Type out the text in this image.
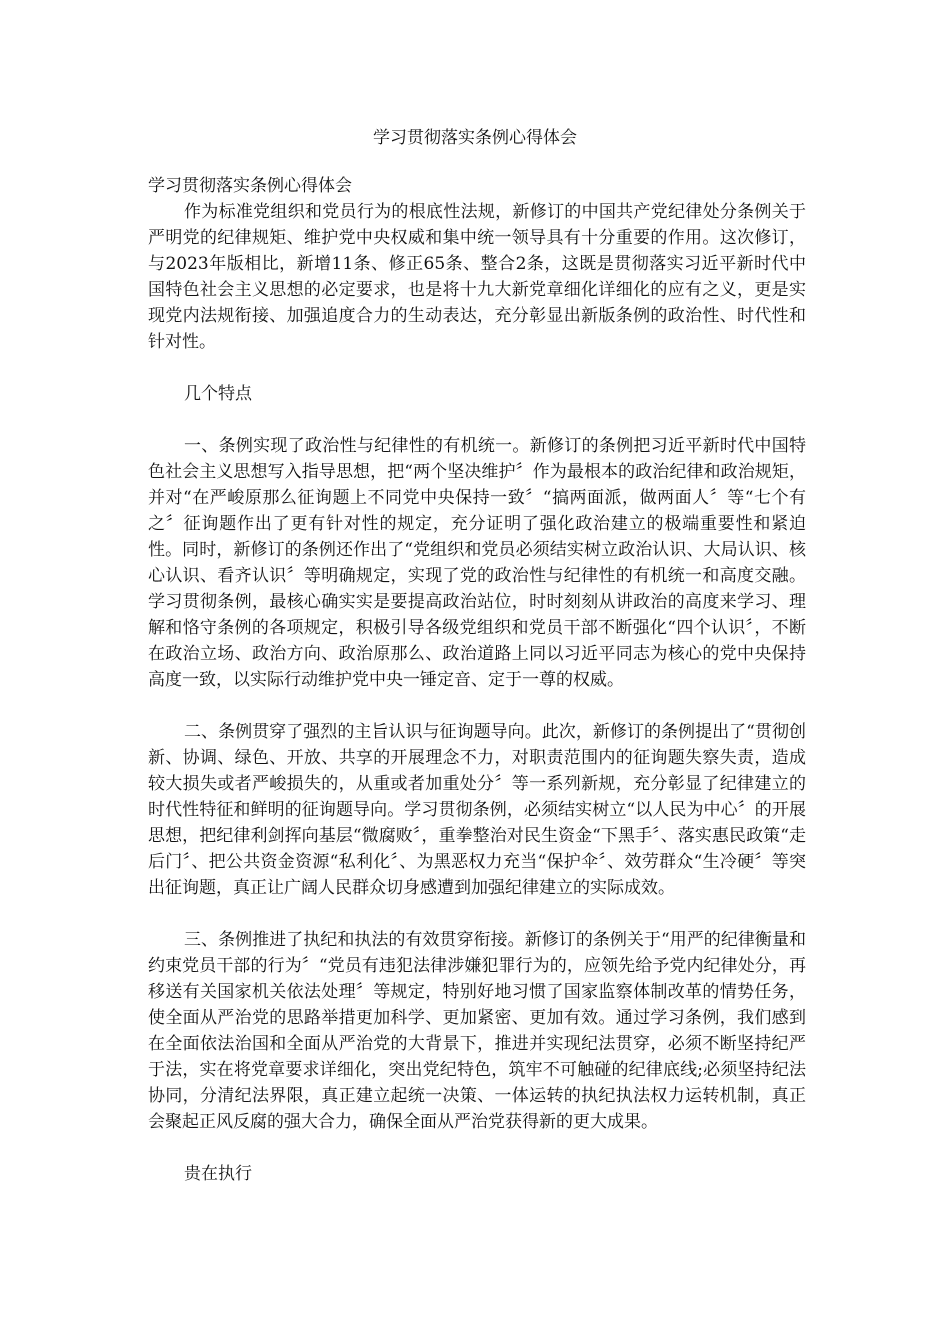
学习贯彻落实条例心得体会

学习贯彻落实条例心得体会

作为标准党组织和党员行为的根底性法规，新修订的中国共产党纪律处分条例关于严明党的纪律规矩、维护党中央权威和集中统一领导具有十分重要的作用。这次修订，与2023年版相比，新增11条、修正65条、整合2条，这既是贯彻落实习近平新时代中国特色社会主义思想的必定要求，也是将十九大新党章细化详细化的应有之义，更是实现党内法规衔接、加强追度合力的生动表达，充分彰显出新版条例的政治性、时代性和针对性。

几个特点

一、条例实现了政治性与纪律性的有机统一。新修订的条例把习近平新时代中国特色社会主义思想写入指导思想，把“两个坚决维护〞作为最根本的政治纪律和政治规矩，并对“在严峻原那么征询题上不同党中央保持一致〞“搞两面派，做两面人〞等“七个有之〞征询题作出了更有针对性的规定，充分证明了强化政治建立的极端重要性和紧迫性。同时，新修订的条例还作出了“党组织和党员必须结实树立政治认识、大局认识、核心认识、看齐认识〞等明确规定，实现了党的政治性与纪律性的有机统一和高度交融。学习贯彻条例，最核心确实实是要提高政治站位，时时刻刻从讲政治的高度来学习、理解和恪守条例的各项规定，积极引导各级党组织和党员干部不断强化“四个认识〞，不断在政治立场、政治方向、政治原那么、政治道路上同以习近平同志为核心的党中央保持高度一致，以实际行动维护党中央一锤定音、定于一尊的权威。

二、条例贯穿了强烈的主旨认识与征询题导向。此次，新修订的条例提出了“贯彻创新、协调、绿色、开放、共享的开展理念不力，对职责范围内的征询题失察失责，造成较大损失或者严峻损失的，从重或者加重处分〞等一系列新规，充分彰显了纪律建立的时代性特征和鲜明的征询题导向。学习贯彻条例，必须结实树立“以人民为中心〞的开展思想，把纪律利剑挥向基层“微腐败〞，重拳整治对民生资金“下黑手〞、落实惠民政策“走后门〞、把公共资金资源“私利化〞、为黑恶权力充当“保护伞〞、效劳群众“生冷硬〞等突出征询题，真正让广阔人民群众切身感遭到加强纪律建立的实际成效。

三、条例推进了执纪和执法的有效贯穿衔接。新修订的条例关于“用严的纪律衡量和约束党员干部的行为〞“党员有违犯法律涉嫌犯罪行为的，应领先给予党内纪律处分，再移送有关国家机关依法处理〞等规定，特别好地习惯了国家监察体制改革的情势任务，使全面从严治党的思路举措更加科学、更加紧密、更加有效。通过学习条例，我们感到在全面依法治国和全面从严治党的大背景下，推进并实现纪法贯穿，必须不断坚持纪严于法，实在将党章要求详细化，突出党纪特色，筑牢不可触碰的纪律底线;必须坚持纪法协同，分清纪法界限，真正建立起统一决策、一体运转的执纪执法权力运转机制，真正会聚起正风反腐的强大合力，确保全面从严治党获得新的更大成果。

贵在执行
